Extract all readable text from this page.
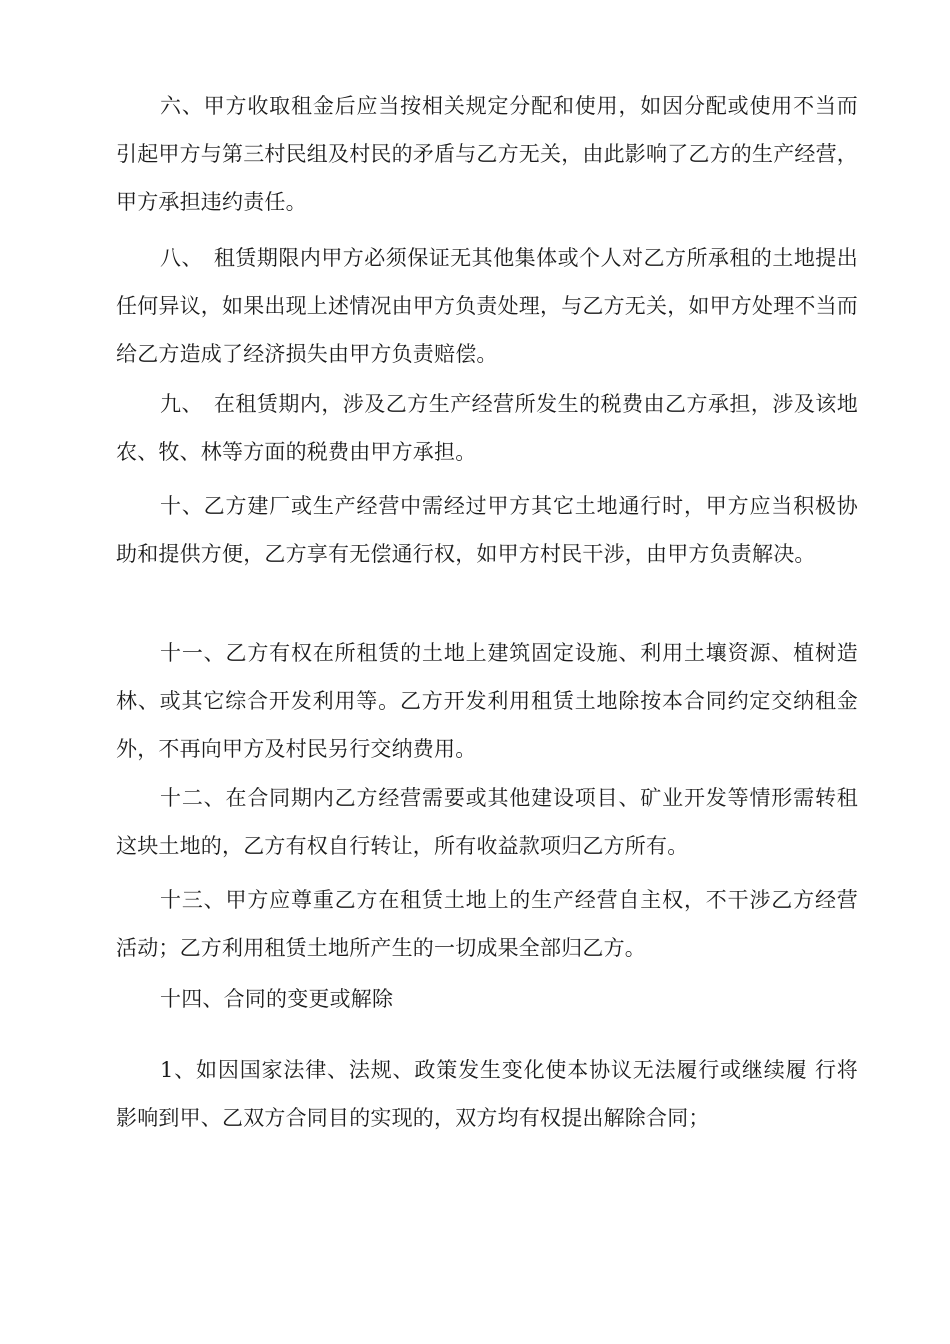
六、甲方收取租金后应当按相关规定分配和使用，如因分配或使用不当而引起甲方与第三村民组及村民的矛盾与乙方无关，由此影响了乙方的生产经营，甲方承担违约责任。

八、　租赁期限内甲方必须保证无其他集体或个人对乙方所承租的土地提出任何异议，如果出现上述情况由甲方负责处理，与乙方无关，如甲方处理不当而给乙方造成了经济损失由甲方负责赔偿。

九、　在租赁期内，涉及乙方生产经营所发生的税费由乙方承担，涉及该地农、牧、林等方面的税费由甲方承担。

十、乙方建厂或生产经营中需经过甲方其它土地通行时，甲方应当积极协助和提供方便，乙方享有无偿通行权，如甲方村民干涉，由甲方负责解决。

十一、乙方有权在所租赁的土地上建筑固定设施、利用土壤资源、植树造林、或其它综合开发利用等。乙方开发利用租赁土地除按本合同约定交纳租金外，不再向甲方及村民另行交纳费用。

十二、在合同期内乙方经营需要或其他建设项目、矿业开发等情形需转租这块土地的，乙方有权自行转让，所有收益款项归乙方所有。

十三、甲方应尊重乙方在租赁土地上的生产经营自主权，不干涉乙方经营活动；乙方利用租赁土地所产生的一切成果全部归乙方。

十四、合同的变更或解除

1、如因国家法律、法规、政策发生变化使本协议无法履行或继续履 行将影响到甲、乙双方合同目的实现的，双方均有权提出解除合同；
